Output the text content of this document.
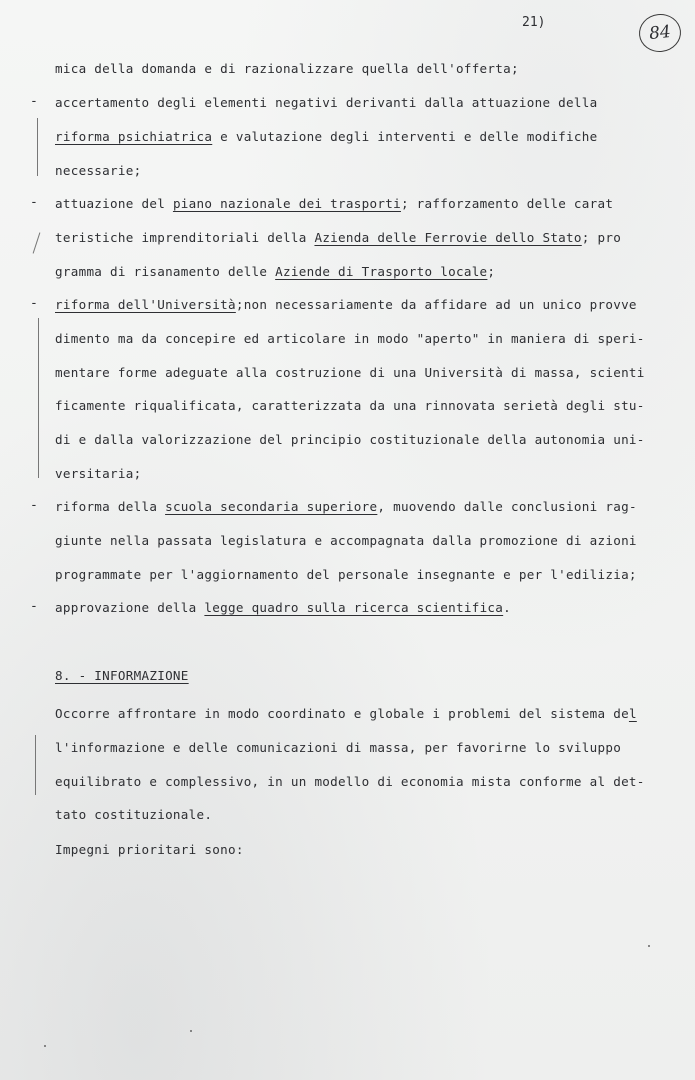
21)	84
-
-
-
-
-
mica della domanda e di razionalizzare quella dell'offerta;
accertamento degli elementi negativi derivanti dalla attuazione della
riforma psichiatrica e valutazione degli interventi e delle modifiche
necessarie;
attuazione del piano nazionale dei trasporti; rafforzamento delle carat
teristiche imprenditoriali della Azienda delle Ferrovie dello Stato; pro
gramma di risanamento delle Aziende di Trasporto locale;
riforma dell'Università;non necessariamente da affidare ad un unico provve
dimento ma da concepire ed articolare in modo "aperto" in maniera di speri-
mentare forme adeguate alla costruzione di una Università di massa, scienti
ficamente riqualificata, caratterizzata da una rinnovata serietà degli stu-
di e dalla valorizzazione del principio costituzionale della autonomia uni-
versitaria;
riforma della scuola secondaria superiore, muovendo dalle conclusioni rag-
giunte nella passata legislatura e accompagnata dalla promozione di azioni
programmate per l'aggiornamento del personale insegnante e per l'edilizia;
approvazione della legge quadro sulla ricerca scientifica.
8. - INFORMAZIONE
Occorre affrontare in modo coordinato e globale i problemi del sistema del
l'informazione e delle comunicazioni di massa, per favorirne lo sviluppo
equilibrato e complessivo, in un modello di economia mista conforme al det-
tato costituzionale.
Impegni prioritari sono:
